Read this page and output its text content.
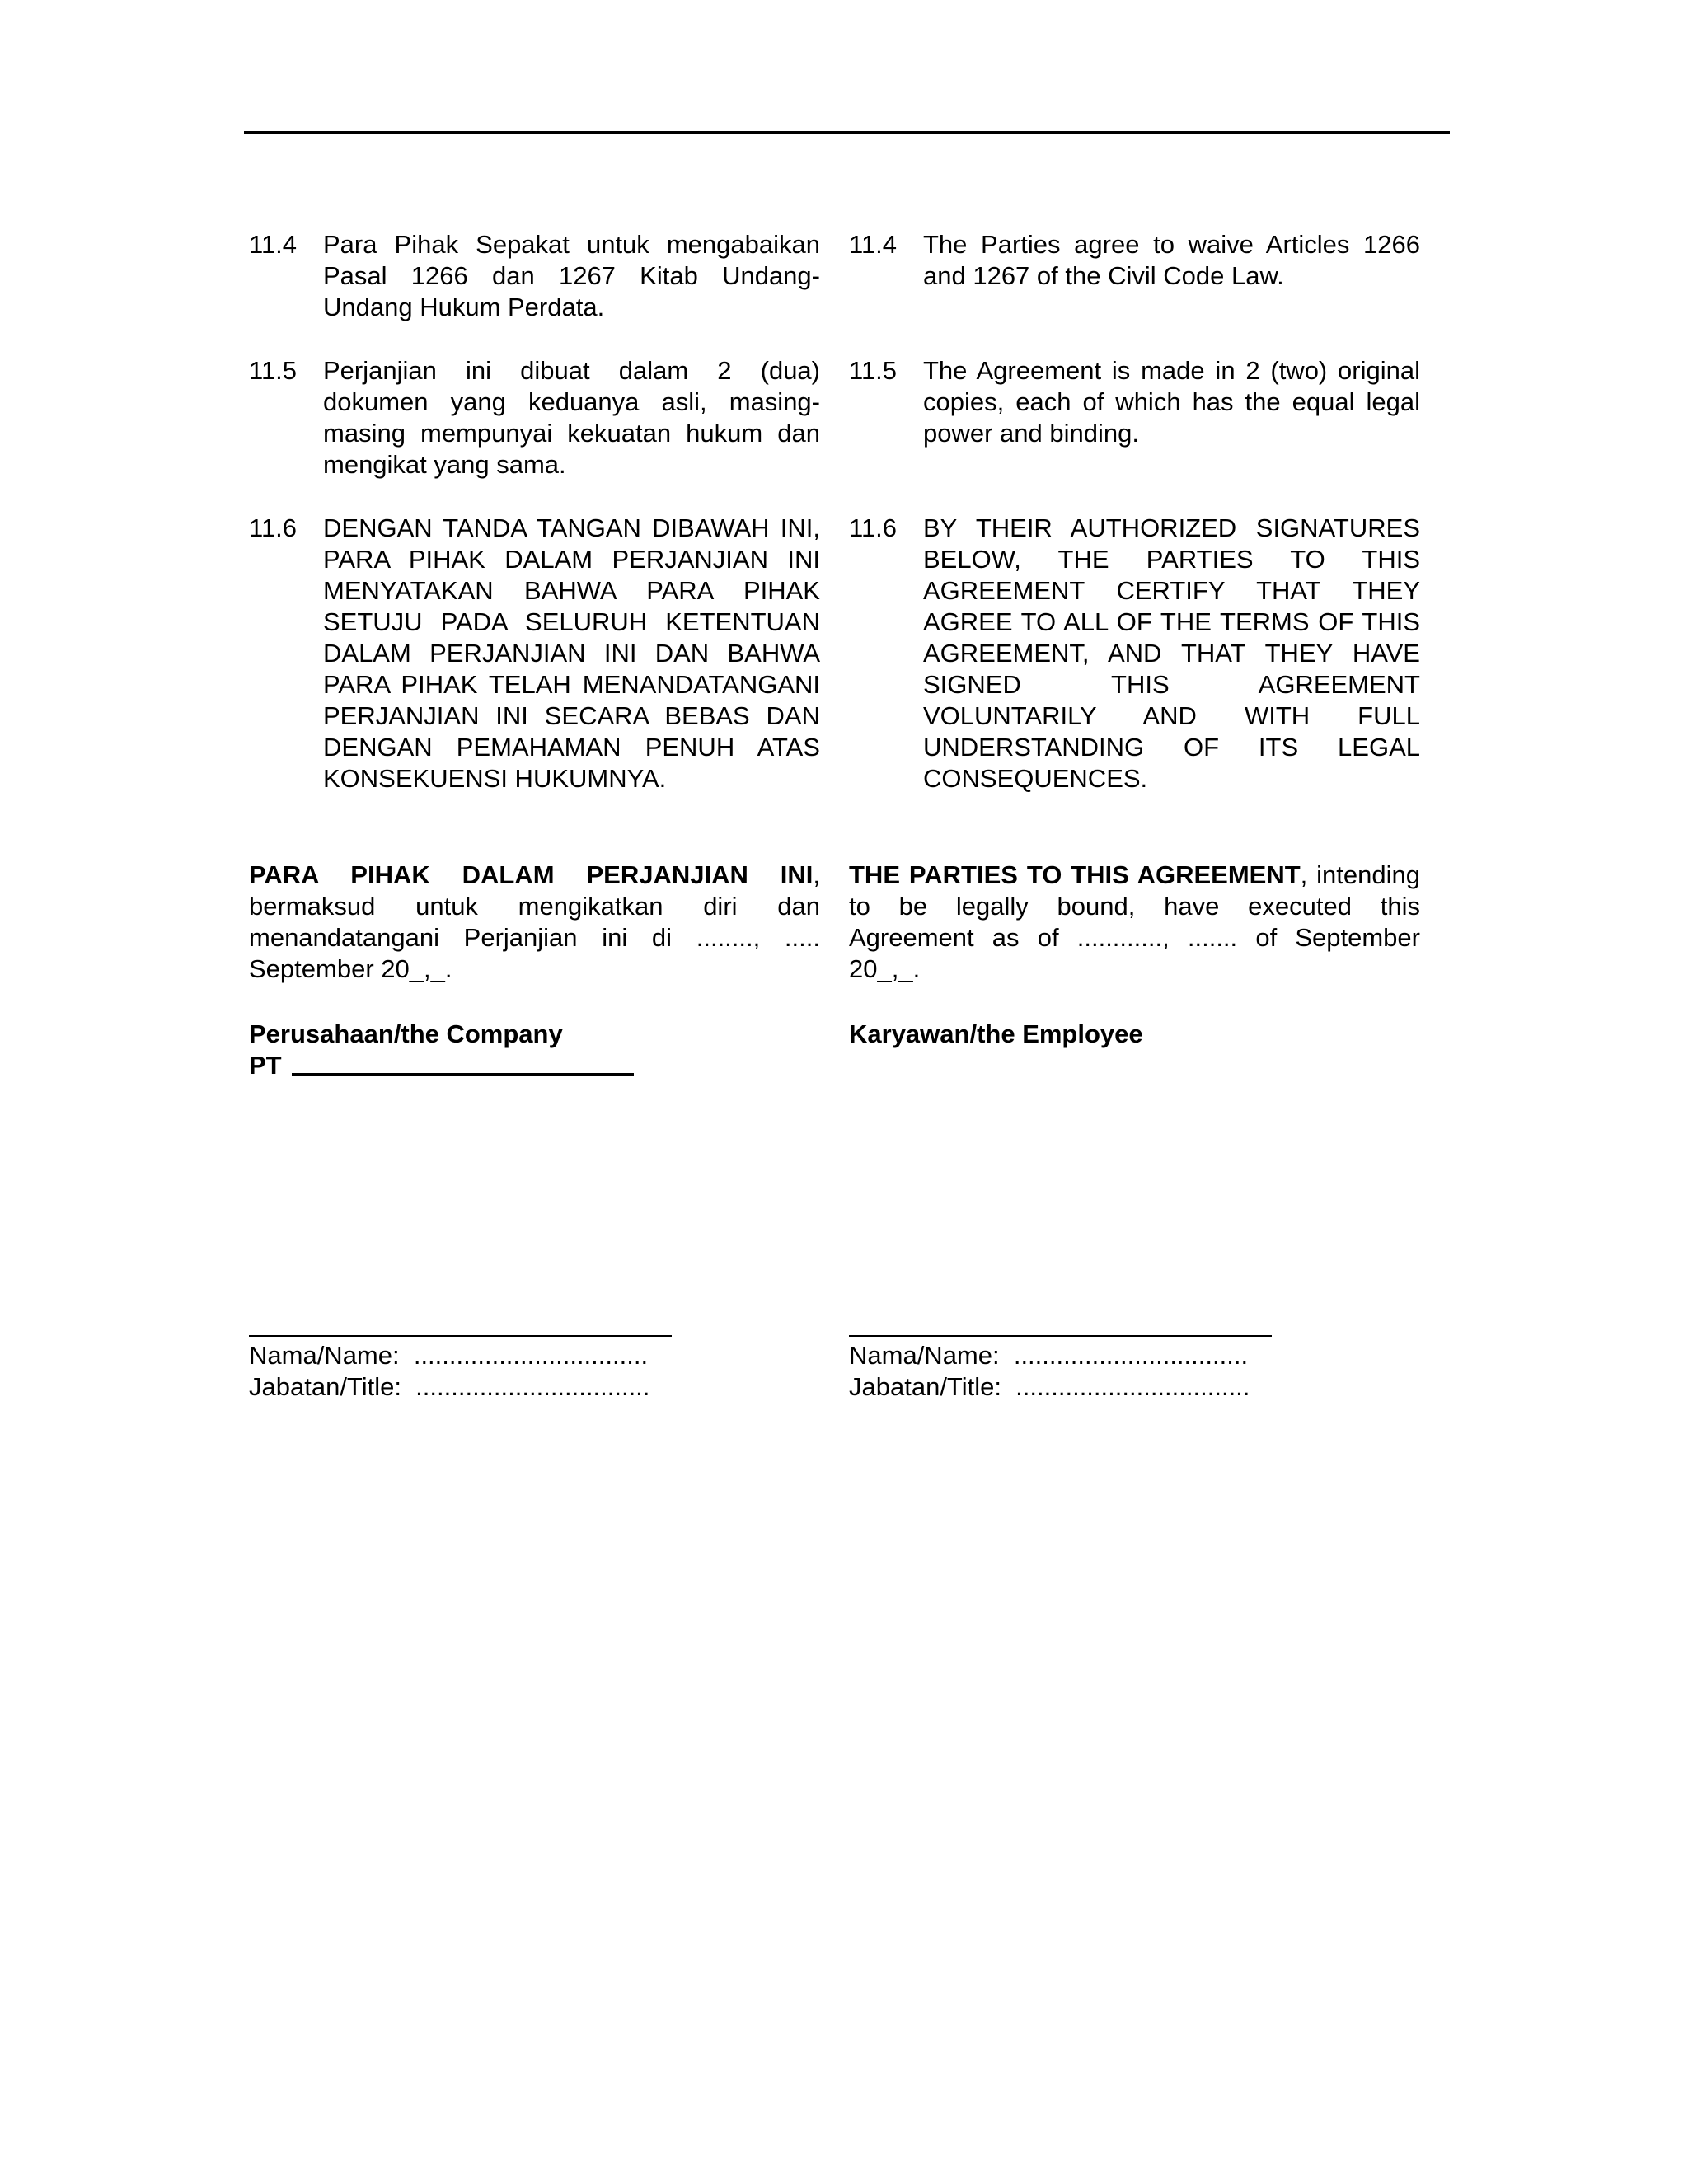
11.4	Para Pihak Sepakat untuk mengabaikan Pasal 1266 dan 1267 Kitab Undang-Undang Hukum Perdata.
11.5	Perjanjian ini dibuat dalam 2 (dua) dokumen yang keduanya asli, masing-masing mempunyai kekuatan hukum dan mengikat yang sama.
11.6	DENGAN TANDA TANGAN DIBAWAH INI, PARA PIHAK DALAM PERJANJIAN INI MENYATAKAN BAHWA PARA PIHAK SETUJU PADA SELURUH KETENTUAN DALAM PERJANJIAN INI DAN BAHWA PARA PIHAK TELAH MENANDATANGANI PERJANJIAN INI SECARA BEBAS DAN DENGAN PEMAHAMAN PENUH ATAS KONSEKUENSI HUKUMNYA.
PARA PIHAK DALAM PERJANJIAN INI, bermaksud untuk mengikatkan diri dan menandatangani Perjanjian ini di ........, ..... September 20_,_.
Perusahaan/the Company
PT
Nama/Name:  .................................
Jabatan/Title:  .................................
11.4	The Parties agree to waive Articles 1266 and 1267 of the Civil Code Law.
11.5	The Agreement is made in 2 (two) original copies, each of which has the equal legal power and binding.
11.6	BY THEIR AUTHORIZED SIGNATURES BELOW, THE PARTIES TO THIS AGREEMENT CERTIFY THAT THEY AGREE TO ALL OF THE TERMS OF THIS AGREEMENT, AND THAT THEY HAVE SIGNED THIS AGREEMENT VOLUNTARILY AND WITH FULL UNDERSTANDING OF ITS LEGAL CONSEQUENCES.
THE PARTIES TO THIS AGREEMENT, intending to be legally bound, have executed this Agreement as of ............, ....... of September 20_,_.
Karyawan/the Employee
Nama/Name:  .................................
Jabatan/Title:  .................................
